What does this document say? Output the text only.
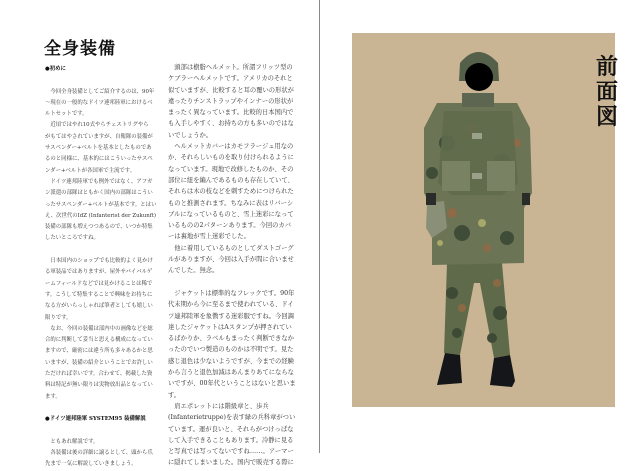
全身装備
●初めに
今回全身装備としてご紹介するのは、90年
〜現在の一般的なドイツ連邦陸軍におけるベ
ルトセットです。
近頃ではやれ10式やらチェストリグやら
がもてはやされていますが、自衛隊の装備が
サスペンダー+ベルトを基本としたものであ
るのと同様に、基本的にはこういったサスペ
ンダー+ベルトが各国軍で主流です。
ドイツ連邦陸軍でも例外ではなく、アフガ
ン派遣の部隊はともかく国内の部隊はこうい
ったサスペンダー+ベルトが基本です。とはい
え、次世代のIdZ (Infanterist der Zukunft)
装備の部隊も増えつつあるので、いつか特集
したいところですね。
日本国内のショップでも比較的よく見かけ
る軍装品ではありますが、屋外サバイバルゲ
ームフィールドなどでは見かけることは稀で
す。こうして特集することで興味をお持ちに
なる方がいらっしゃれば筆者としても嬉しい
限りです。
なお、今回の装備は部内中の画像などを総
合的に判断して妥当と思える構成になってい
ますので、厳密には違う所も多々あるかと思
いますが、装備の紹介ということでお許しい
ただければ幸いです。合わせて、掲載した資
料は特記が無い限りは実物放出品となってい
ます。
●ドイツ連邦陸軍 SYSTEM95 装備解説
ともあれ解説です。
各装備は後の詳細に譲るとして、頭から爪
先まで一気に解説していきましょう。
頭部は樹脂ヘルメット。所謂フリッツ型の
ケブラーヘルメットです。アメリカのそれと
似ていますが、比較すると耳の覆いの形状が
違ったりチンストラップやインナーの形状が
まったく異なっています。比較的日本国内で
も入手しやすく、お持ちの方も多いのではな
いでしょうか。
ヘルメットカバーはカモフラージュ用なの
か、それらしいものを取り付けられるように
なっています。現地で改修したものか、その
部位に紐を編んであるものも存在していて、
それらは木の枝などを刺すためにつけられた
ものと推測されます。ちなみに表はリバーシ
ブルになっているものと、雪上迷彩になって
いるものの2パターンあります。今回のカバ
ーは裏地が雪上迷彩でした。
他に着用しているものとしてダストゴーグ
ルがありますが、今回は入手が間に合いませ
んでした。無念。
ジャケットは標準的なフレックです。90年
代末期から今に至るまで使われている、ドイ
ツ連邦陸軍を象徴する迷彩服ですね。今回調
達したジャケットはAスタンプが押されてい
るばかりか、ラベルもまったく判断できなか
ったのでいつ製造のものかは不明です。見た
感じ退色は少ないようですが、今までの経験
から言うと退色加減はあんまりあてにならな
いですが、00年代ということはないと思いま
す。
肩エポレットには階級章と、歩兵
(Infanterietruppe)を表す緑の兵科章がつい
ています。運が良いと、それらがつけっぱな
して入手できることもあります。冷静に見る
と写真では写ってないですね……。アーマー
に隠れてしまいました。国内で販売する際に
前
面
図
